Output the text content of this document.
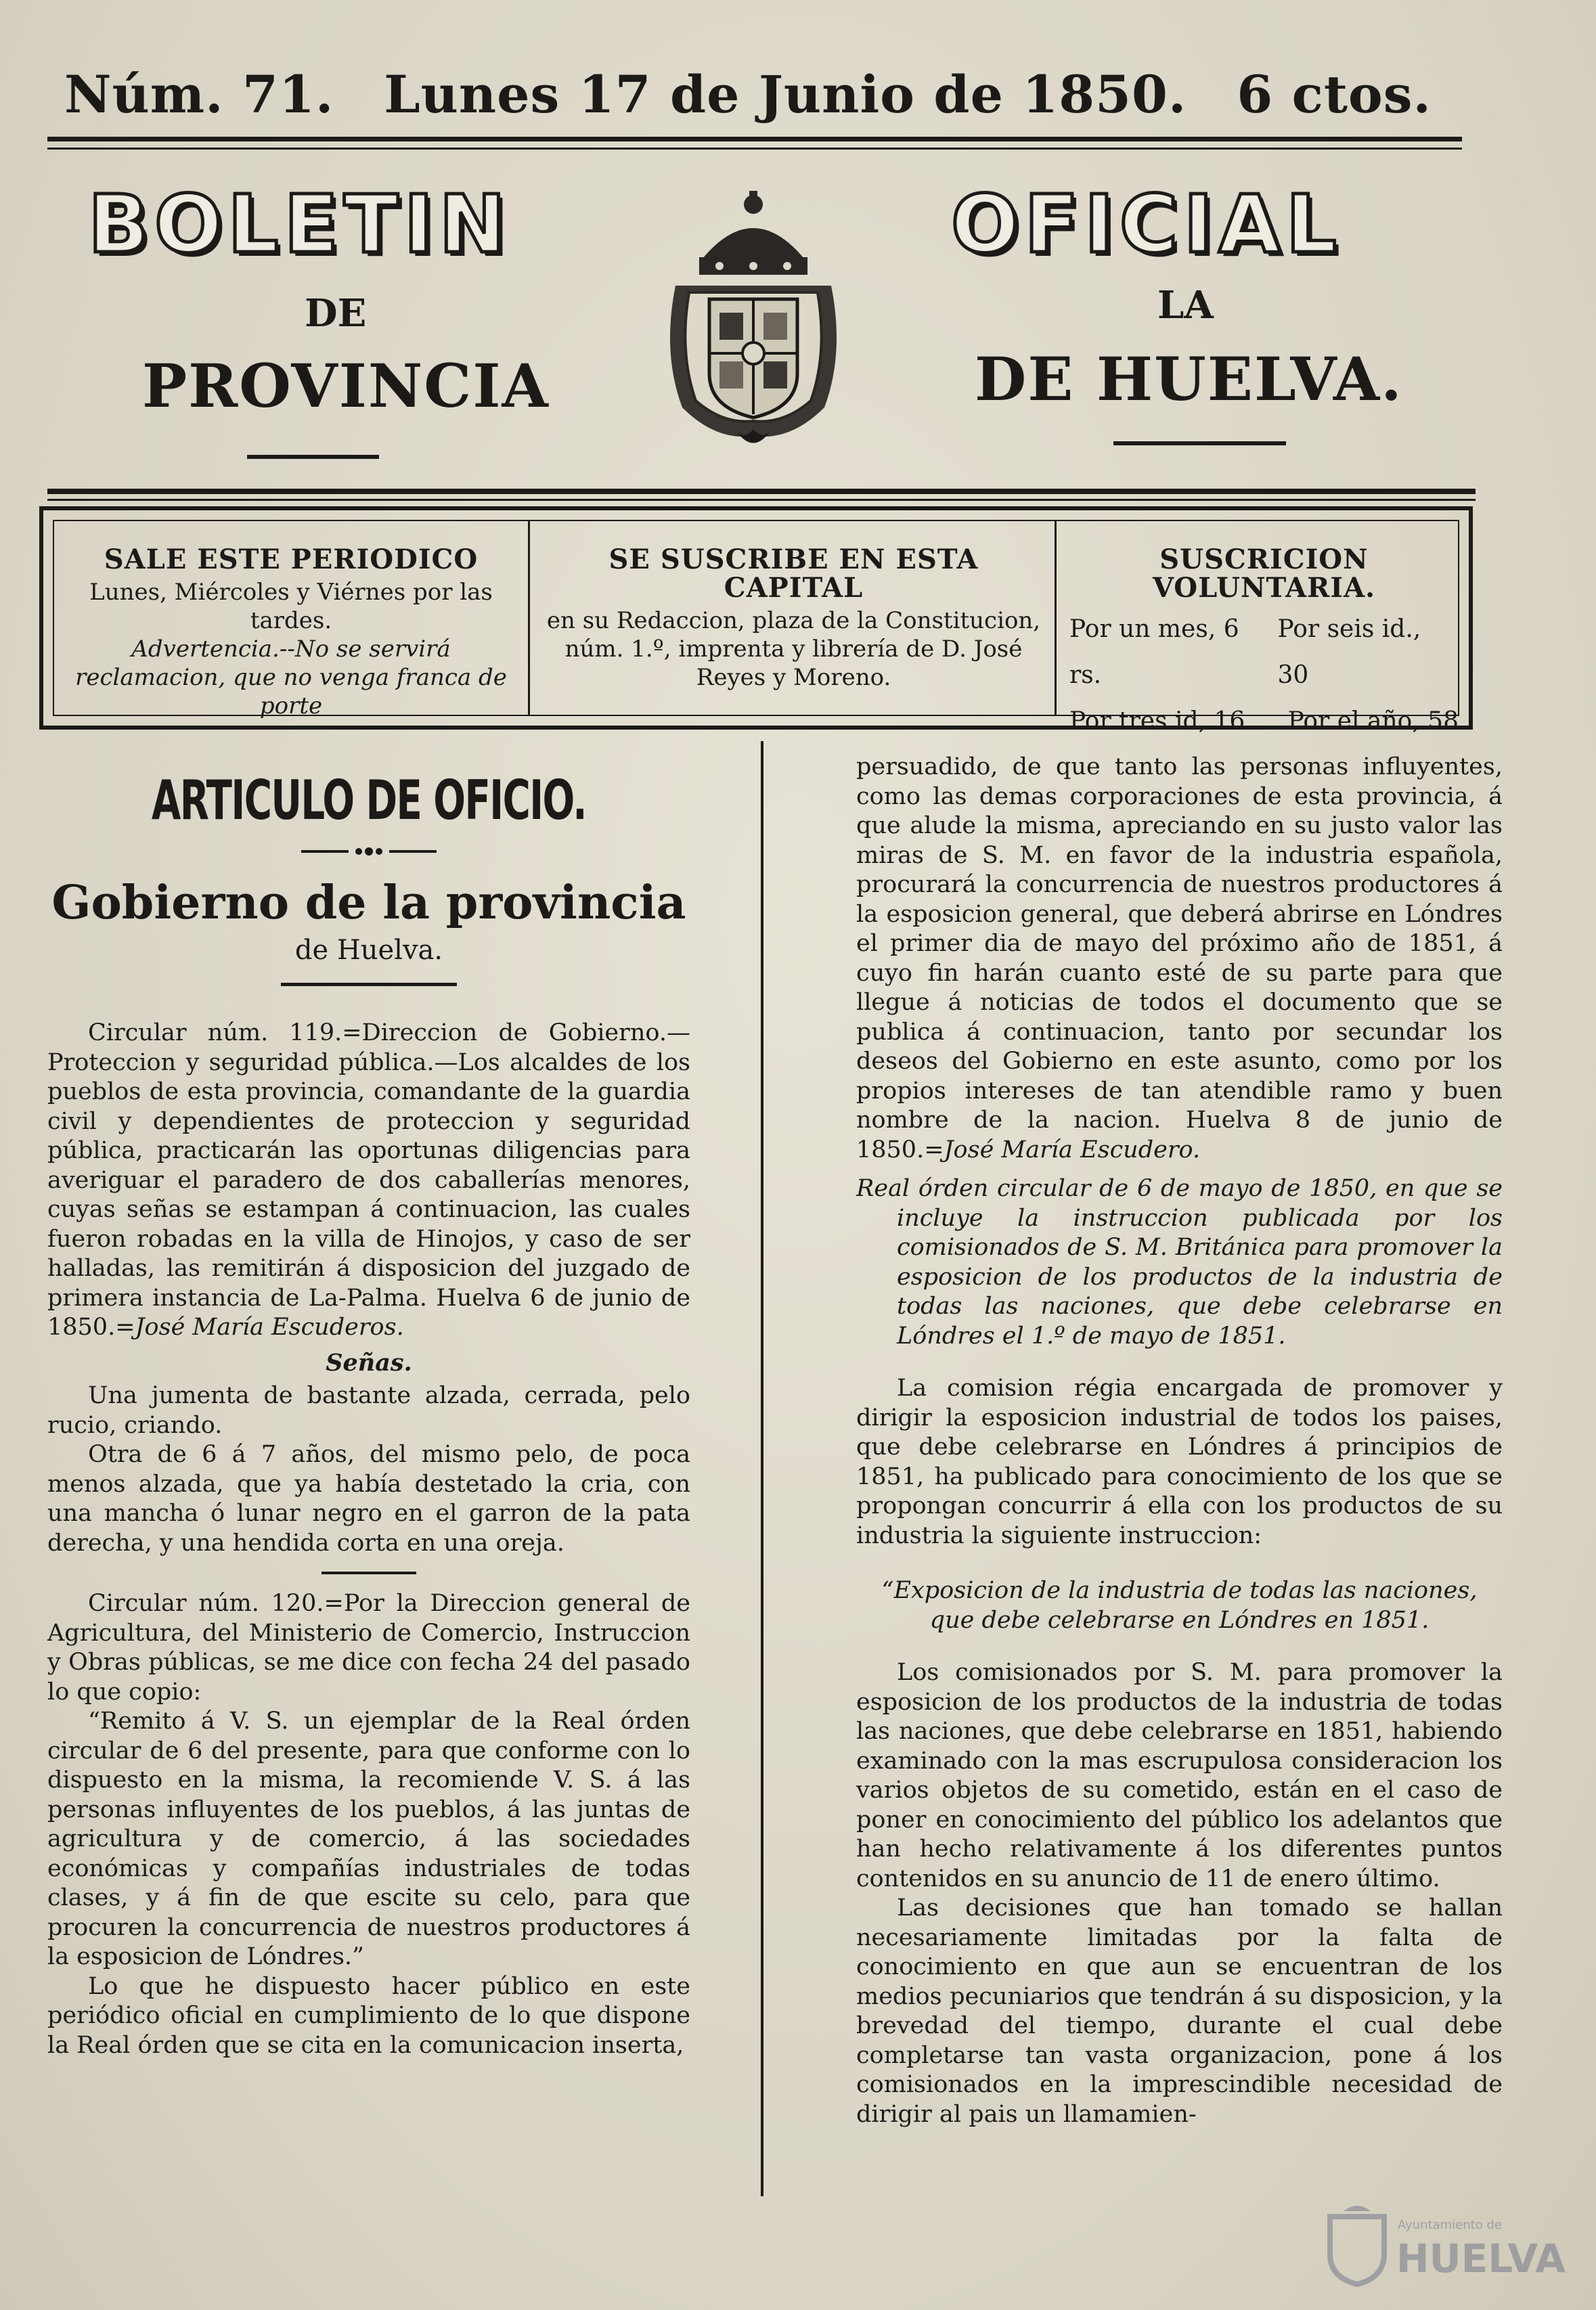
Núm. 71. Lunes 17 de Junio de 1850. 6 ctos.
BOLETIN	OFICIAL
DE
PROVINCIA
LA
DE HUELVA.
SALE ESTE PERIODICO
Lunes, Miércoles y Viérnes por las tardes.
Advertencia.--No se servirá reclamacion, que no venga franca de porte
SE SUSCRIBE EN ESTA CAPITAL
en su Redaccion, plaza de la Constitucion, núm. 1.º, imprenta y librería de D. José Reyes y Moreno.
SUSCRICION VOLUNTARIA.
Por un mes, 6 rs.
Por seis id., 30
Por tres id, 16. Por el año, 58
ARTICULO DE OFICIO.
Gobierno de la provincia
de Huelva.

Circular núm. 119.=Direccion de Gobierno.—Proteccion y seguridad pública.—Los alcaldes de los pueblos de esta provincia, comandante de la guardia civil y dependientes de proteccion y seguridad pública, practicarán las oportunas diligencias para averiguar el paradero de dos caballerías menores, cuyas señas se estampan á continuacion, las cuales fueron robadas en la villa de Hinojos, y caso de ser halladas, las remitirán á disposicion del juzgado de primera instancia de La-Palma. Huelva 6 de junio de 1850.=José María Escuderos.

Señas.

Una jumenta de bastante alzada, cerrada, pelo rucio, criando.

Otra de 6 á 7 años, del mismo pelo, de poca menos alzada, que ya había destetado la cria, con una mancha ó lunar negro en el garron de la pata derecha, y una hendida corta en una oreja.

Circular núm. 120.=Por la Direccion general de Agricultura, del Ministerio de Comercio, Instruccion y Obras públicas, se me dice con fecha 24 del pasado lo que copio:

“Remito á V. S. un ejemplar de la Real órden circular de 6 del presente, para que conforme con lo dispuesto en la misma, la recomiende V. S. á las personas influyentes de los pueblos, á las juntas de agricultura y de comercio, á las sociedades económicas y compañías industriales de todas clases, y á fin de que escite su celo, para que procuren la concurrencia de nuestros productores á la esposicion de Lóndres.”

Lo que he dispuesto hacer público en este periódico oficial en cumplimiento de lo que dispone la Real órden que se cita en la comunicacion inserta,

persuadido, de que tanto las personas influyentes, como las demas corporaciones de esta provincia, á que alude la misma, apreciando en su justo valor las miras de S. M. en favor de la industria española, procurará la concurrencia de nuestros productores á la esposicion general, que deberá abrirse en Lóndres el primer dia de mayo del próximo año de 1851, á cuyo fin harán cuanto esté de su parte para que llegue á noticias de todos el documento que se publica á continuacion, tanto por secundar los deseos del Gobierno en este asunto, como por los propios intereses de tan atendible ramo y buen nombre de la nacion. Huelva 8 de junio de 1850.=José María Escudero.

Real órden circular de 6 de mayo de 1850, en que se incluye la instruccion publicada por los comisionados de S. M. Británica para promover la esposicion de los productos de la industria de todas las naciones, que debe celebrarse en Lóndres el 1.º de mayo de 1851.

La comision régia encargada de promover y dirigir la esposicion industrial de todos los paises, que debe celebrarse en Lóndres á principios de 1851, ha publicado para conocimiento de los que se propongan concurrir á ella con los productos de su industria la siguiente instruccion:

“Exposicion de la industria de todas las naciones, que debe celebrarse en Lóndres en 1851.

Los comisionados por S. M. para promover la esposicion de los productos de la industria de todas las naciones, que debe celebrarse en 1851, habiendo examinado con la mas escrupulosa consideracion los varios objetos de su cometido, están en el caso de poner en conocimiento del público los adelantos que han hecho relativamente á los diferentes puntos contenidos en su anuncio de 11 de enero último.

Las decisiones que han tomado se hallan necesariamente limitadas por la falta de conocimiento en que aun se encuentran de los medios pecuniarios que tendrán á su disposicion, y la brevedad del tiempo, durante el cual debe completarse tan vasta organizacion, pone á los comisionados en la imprescindible necesidad de dirigir al pais un llamamien-

Ayuntamiento de
HUELVA
